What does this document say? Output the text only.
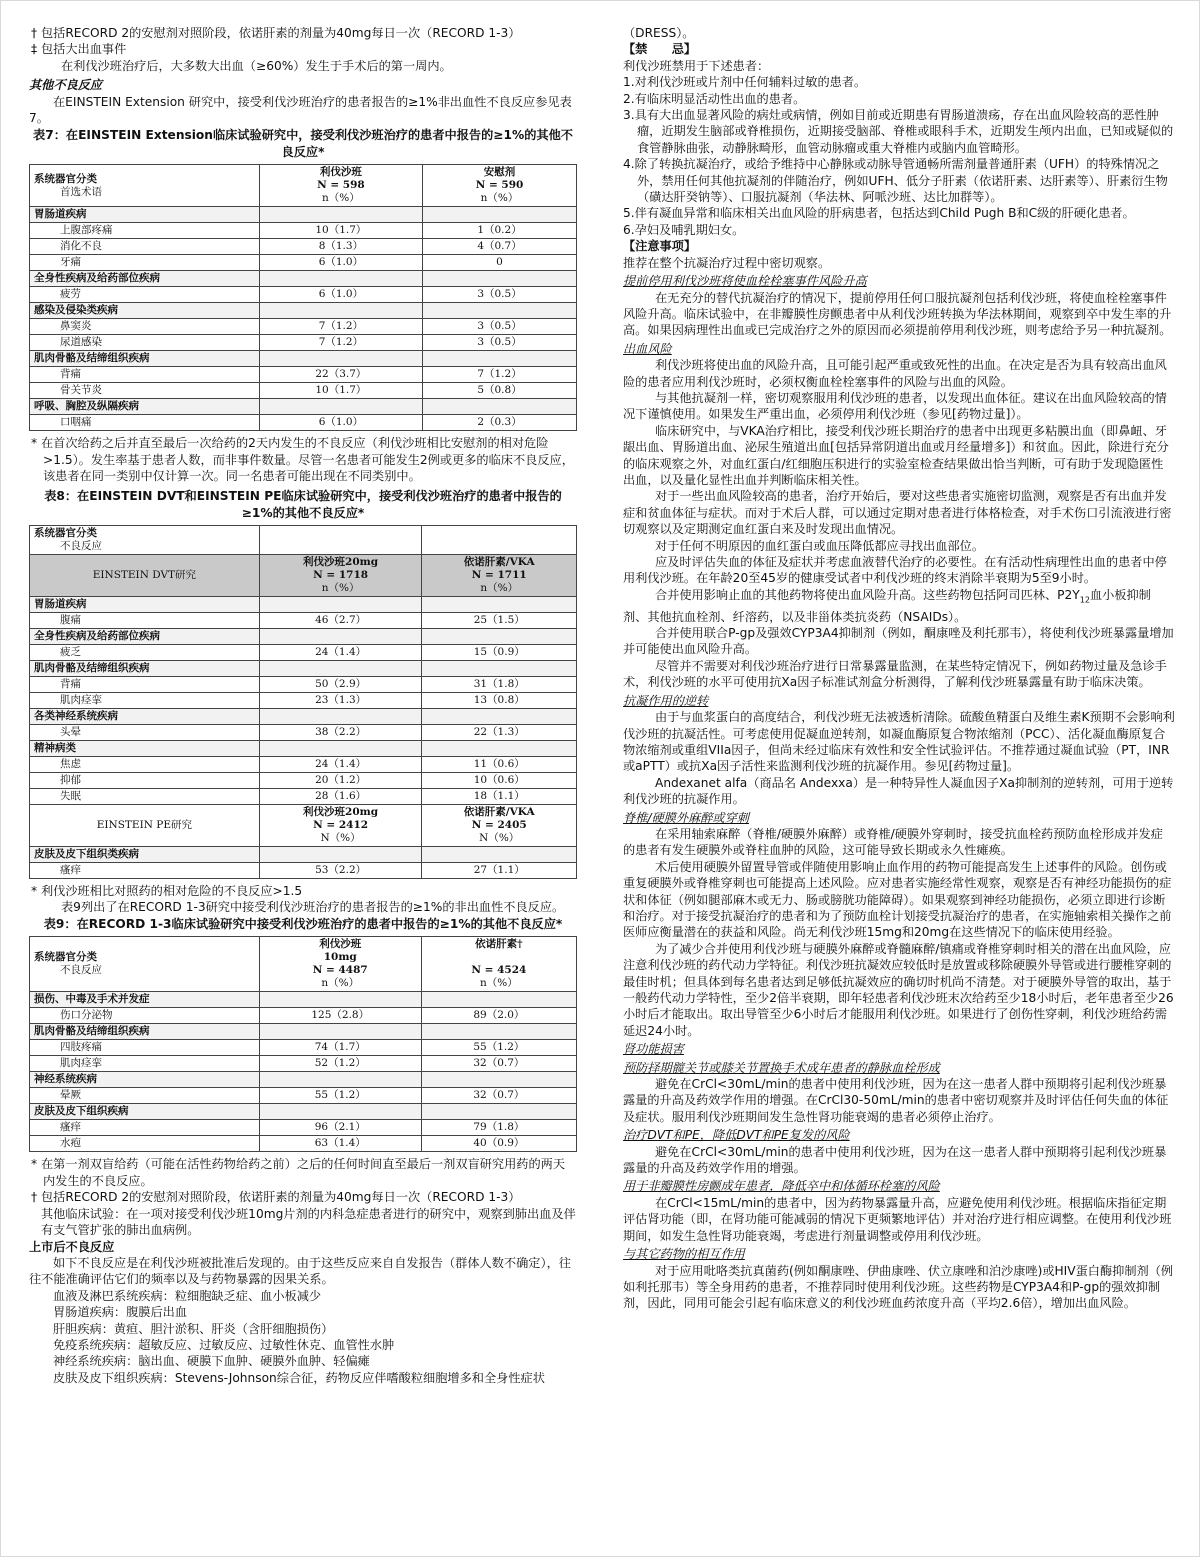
† 包括RECORD 2的安慰剂对照阶段，依诺肝素的剂量为40mg每日一次（RECORD 1-3）

‡ 包括大出血事件

在利伐沙班治疗后，大多数大出血（≥60%）发生于手术后的第一周内。

其他不良反应

在EINSTEIN Extension 研究中，接受利伐沙班治疗的患者报告的≥1%非出血性不良反应参见表7。

表7：在EINSTEIN Extension临床试验研究中，接受利伐沙班治疗的患者中报告的≥1%的其他不良反应*

系统器官分类
首选术语	利伐沙班
N = 598
n（%）	安慰剂
N = 590
n（%）
胃肠道疾病		
上腹部疼痛	10（1.7）	1（0.2）
消化不良	8（1.3）	4（0.7）
牙痛	6（1.0）	0
全身性疾病及给药部位疾病		
疲劳	6（1.0）	3（0.5）
感染及侵染类疾病		
鼻窦炎	7（1.2）	3（0.5）
尿道感染	7（1.2）	3（0.5）
肌肉骨骼及结缔组织疾病		
背痛	22（3.7）	7（1.2）
骨关节炎	10（1.7）	5（0.8）
呼吸、胸腔及纵隔疾病		
口咽痛	6（1.0）	2（0.3）

* 在首次给药之后并直至最后一次给药的2天内发生的不良反应（利伐沙班相比安慰剂的相对危险>1.5）。发生率基于患者人数，而非事件数量。尽管一名患者可能发生2例或更多的临床不良反应，该患者在同一类别中仅计算一次。同一名患者可能出现在不同类别中。

表8：在EINSTEIN DVT和EINSTEIN PE临床试验研究中，接受利伐沙班治疗的患者中报告的≥1%的其他不良反应*

系统器官分类
不良反应		
EINSTEIN DVT研究	利伐沙班20mg
N = 1718
n（%）	依诺肝素/VKA
N = 1711
n（%）
胃肠道疾病		
腹痛	46（2.7）	25（1.5）
全身性疾病及给药部位疾病		
疲乏	24（1.4）	15（0.9）
肌肉骨骼及结缔组织疾病		
背痛	50（2.9）	31（1.8）
肌肉痉挛	23（1.3）	13（0.8）
各类神经系统疾病		
头晕	38（2.2）	22（1.3）
精神病类		
焦虑	24（1.4）	11（0.6）
抑郁	20（1.2）	10（0.6）
失眠	28（1.6）	18（1.1）
EINSTEIN PE研究	利伐沙班20mg
N = 2412
N（%）	依诺肝素/VKA
N = 2405
N（%）
皮肤及皮下组织类疾病		
瘙痒	53（2.2）	27（1.1）

* 利伐沙班相比对照药的相对危险的不良反应>1.5

表9列出了在RECORD 1-3研究中接受利伐沙班治疗的患者报告的≥1%的非出血性不良反应。

表9：在RECORD 1-3临床试验研究中接受利伐沙班治疗的患者中报告的≥1%的其他不良反应*

系统器官分类
不良反应	利伐沙班
10mg
N = 4487
n（%）	依诺肝素†

N = 4524
n（%）
损伤、中毒及手术并发症		
伤口分泌物	125（2.8）	89（2.0）
肌肉骨骼及结缔组织疾病		
四肢疼痛	74（1.7）	55（1.2）
肌肉痉挛	52（1.2）	32（0.7）
神经系统疾病		
晕厥	55（1.2）	32（0.7）
皮肤及皮下组织疾病		
瘙痒	96（2.1）	79（1.8）
水疱	63（1.4）	40（0.9）

* 在第一剂双盲给药（可能在活性药物给药之前）之后的任何时间直至最后一剂双盲研究用药的两天内发生的不良反应。

† 包括RECORD 2的安慰剂对照阶段，依诺肝素的剂量为40mg每日一次（RECORD 1-3）

其他临床试验：在一项对接受利伐沙班10mg片剂的内科急症患者进行的研究中，观察到肺出血及伴有支气管扩张的肺出血病例。

上市后不良反应

如下不良反应是在利伐沙班被批准后发现的。由于这些反应来自自发报告（群体人数不确定），往往不能准确评估它们的频率以及与药物暴露的因果关系。

血液及淋巴系统疾病：粒细胞缺乏症、血小板减少

胃肠道疾病：腹膜后出血

肝胆疾病：黄疸、胆汁淤积、肝炎（含肝细胞损伤）

免疫系统疾病：超敏反应、过敏反应、过敏性休克、血管性水肿

神经系统疾病：脑出血、硬膜下血肿、硬膜外血肿、轻偏瘫

皮肤及皮下组织疾病：Stevens-Johnson综合征，药物反应伴嗜酸粒细胞增多和全身性症状

（DRESS）。

【禁　　忌】

利伐沙班禁用于下述患者：

1.对利伐沙班或片剂中任何辅料过敏的患者。

2.有临床明显活动性出血的患者。

3.具有大出血显著风险的病灶或病情，例如目前或近期患有胃肠道溃疡，存在出血风险较高的恶性肿瘤，近期发生脑部或脊椎损伤，近期接受脑部、脊椎或眼科手术，近期发生颅内出血，已知或疑似的食管静脉曲张，动静脉畸形，血管动脉瘤或重大脊椎内或脑内血管畸形。

4.除了转换抗凝治疗，或给予维持中心静脉或动脉导管通畅所需剂量普通肝素（UFH）的特殊情况之外，禁用任何其他抗凝剂的伴随治疗，例如UFH、低分子肝素（依诺肝素、达肝素等）、肝素衍生物（磺达肝癸钠等）、口服抗凝剂（华法林、阿哌沙班、达比加群等）。

5.伴有凝血异常和临床相关出血风险的肝病患者，包括达到Child Pugh B和C级的肝硬化患者。

6.孕妇及哺乳期妇女。

【注意事项】

推荐在整个抗凝治疗过程中密切观察。

提前停用利伐沙班将使血栓栓塞事件风险升高

在无充分的替代抗凝治疗的情况下，提前停用任何口服抗凝剂包括利伐沙班，将使血栓栓塞事件风险升高。临床试验中，在非瓣膜性房颤患者中从利伐沙班转换为华法林期间，观察到卒中发生率的升高。如果因病理性出血或已完成治疗之外的原因而必须提前停用利伐沙班，则考虑给予另一种抗凝剂。

出血风险

利伐沙班将使出血的风险升高，且可能引起严重或致死性的出血。在决定是否为具有较高出血风险的患者应用利伐沙班时，必须权衡血栓栓塞事件的风险与出血的风险。

与其他抗凝剂一样，密切观察服用利伐沙班的患者，以发现出血体征。建议在出血风险较高的情况下谨慎使用。如果发生严重出血，必须停用利伐沙班（参见[药物过量]）。

临床研究中，与VKA治疗相比，接受利伐沙班长期治疗的患者中出现更多粘膜出血（即鼻衄、牙龈出血、胃肠道出血、泌尿生殖道出血[包括异常阴道出血或月经量增多]）和贫血。因此，除进行充分的临床观察之外，对血红蛋白/红细胞压积进行的实验室检查结果做出恰当判断，可有助于发现隐匿性出血，以及量化显性出血并判断临床相关性。

对于一些出血风险较高的患者，治疗开始后，要对这些患者实施密切监测，观察是否有出血并发症和贫血体征与症状。而对于术后人群，可以通过定期对患者进行体格检查，对手术伤口引流液进行密切观察以及定期测定血红蛋白来及时发现出血情况。

对于任何不明原因的血红蛋白或血压降低都应寻找出血部位。

应及时评估失血的体征及症状并考虑血液替代治疗的必要性。在有活动性病理性出血的患者中停用利伐沙班。在年龄20至45岁的健康受试者中利伐沙班的终末消除半衰期为5至9小时。

合并使用影响止血的其他药物将使出血风险升高。这些药物包括阿司匹林、$P2Y_{12}$血小板抑制剂、其他抗血栓剂、纤溶药，以及非甾体类抗炎药（NSAIDs）。

合并使用联合P-gp及强效CYP3A4抑制剂（例如，酮康唑及利托那韦），将使利伐沙班暴露量增加并可能使出血风险升高。

尽管并不需要对利伐沙班治疗进行日常暴露量监测，在某些特定情况下，例如药物过量及急诊手术，利伐沙班的水平可使用抗Xa因子标准试剂盒分析测得，了解利伐沙班暴露量有助于临床决策。

抗凝作用的逆转

由于与血浆蛋白的高度结合，利伐沙班无法被透析清除。硫酸鱼精蛋白及维生素K预期不会影响利伐沙班的抗凝活性。可考虑使用促凝血逆转剂，如凝血酶原复合物浓缩剂（PCC）、活化凝血酶原复合物浓缩剂或重组VIIa因子，但尚未经过临床有效性和安全性试验评估。不推荐通过凝血试验（PT，INR或aPTT）或抗Xa因子活性来监测利伐沙班的抗凝作用。参见[药物过量]。

Andexanet alfa（商品名 Andexxa）是一种特异性人凝血因子Xa抑制剂的逆转剂，可用于逆转利伐沙班的抗凝作用。

脊椎/硬膜外麻醉或穿刺

在采用轴索麻醉（脊椎/硬膜外麻醉）或脊椎/硬膜外穿刺时，接受抗血栓药预防血栓形成并发症的患者有发生硬膜外或脊柱血肿的风险，这可能导致长期或永久性瘫痪。

术后使用硬膜外留置导管或伴随使用影响止血作用的药物可能提高发生上述事件的风险。创伤或重复硬膜外或脊椎穿刺也可能提高上述风险。应对患者实施经常性观察，观察是否有神经功能损伤的症状和体征（例如腿部麻木或无力、肠或膀胱功能障碍）。如果观察到神经功能损伤，必须立即进行诊断和治疗。对于接受抗凝治疗的患者和为了预防血栓计划接受抗凝治疗的患者，在实施轴索相关操作之前医师应衡量潜在的获益和风险。尚无利伐沙班15mg和20mg在这些情况下的临床使用经验。

为了减少合并使用利伐沙班与硬膜外麻醉或脊髓麻醉/镇痛或脊椎穿刺时相关的潜在出血风险，应注意利伐沙班的药代动力学特征。利伐沙班抗凝效应较低时是放置或移除硬膜外导管或进行腰椎穿刺的最佳时机；但具体到每名患者达到足够低抗凝效应的确切时机尚不清楚。对于硬膜外导管的取出，基于一般药代动力学特性，至少2倍半衰期，即年轻患者利伐沙班末次给药至少18小时后，老年患者至少26小时后才能取出。取出导管至少6小时后才能服用利伐沙班。如果进行了创伤性穿刺，利伐沙班给药需延迟24小时。

肾功能损害

预防择期髋关节或膝关节置换手术成年患者的静脉血栓形成

避免在CrCl<30mL/min的患者中使用利伐沙班，因为在这一患者人群中预期将引起利伐沙班暴露量的升高及药效学作用的增强。在CrCl30-50mL/min的患者中密切观察并及时评估任何失血的体征及症状。服用利伐沙班期间发生急性肾功能衰竭的患者必须停止治疗。

治疗DVT和PE，降低DVT和PE复发的风险

避免在CrCl<30mL/min的患者中使用利伐沙班，因为在这一患者人群中预期将引起利伐沙班暴露量的升高及药效学作用的增强。

用于非瓣膜性房颤成年患者，降低卒中和体循环栓塞的风险

在CrCl<15mL/min的患者中，因为药物暴露量升高，应避免使用利伐沙班。根据临床指征定期评估肾功能（即，在肾功能可能减弱的情况下更频繁地评估）并对治疗进行相应调整。在使用利伐沙班期间，如发生急性肾功能衰竭，考虑进行剂量调整或停用利伐沙班。

与其它药物的相互作用

对于应用吡咯类抗真菌药(例如酮康唑、伊曲康唑、伏立康唑和泊沙康唑)或HIV蛋白酶抑制剂（例如利托那韦）等全身用药的患者，不推荐同时使用利伐沙班。这些药物是CYP3A4和P-gp的强效抑制剂，因此，同用可能会引起有临床意义的利伐沙班血药浓度升高（平均2.6倍），增加出血风险。
